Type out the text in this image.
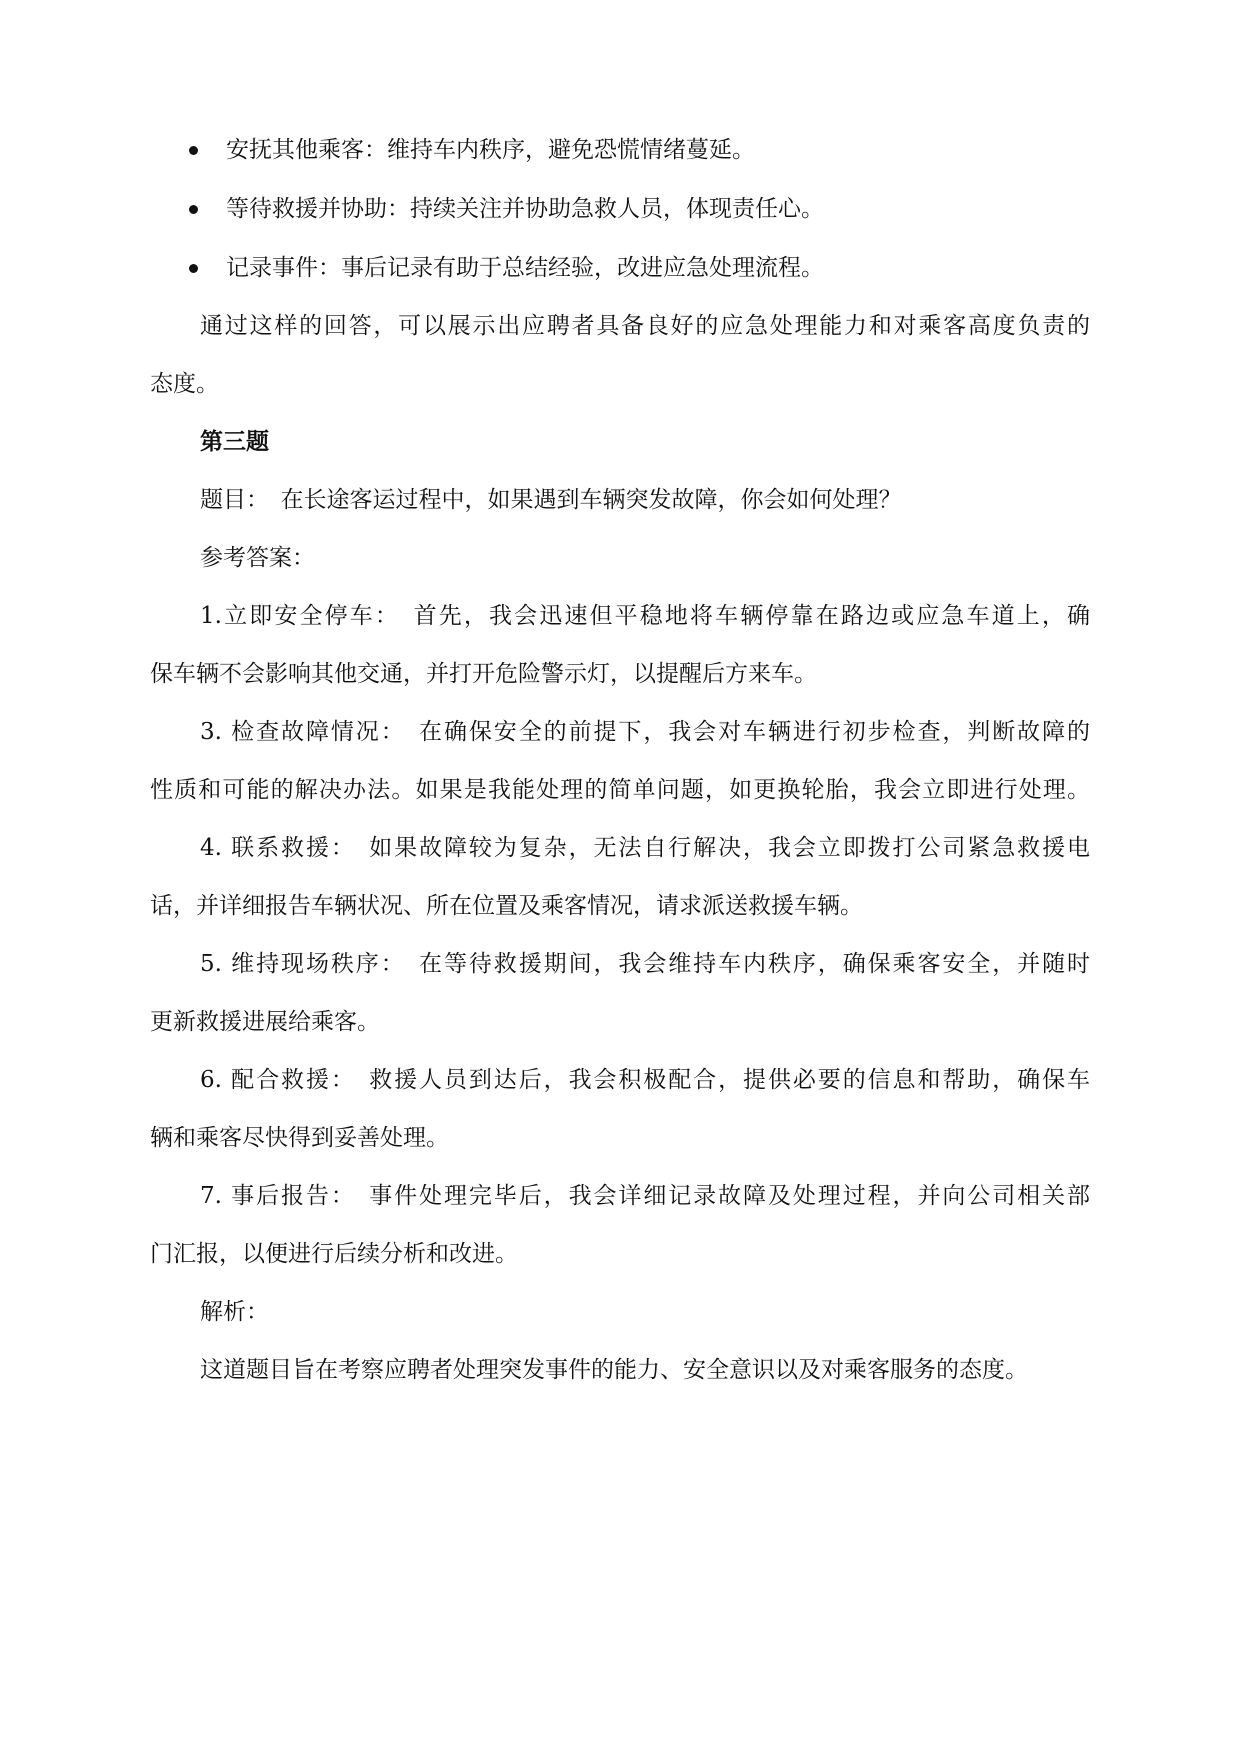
安抚其他乘客：维持车内秩序，避免恐慌情绪蔓延。
等待救援并协助：持续关注并协助急救人员，体现责任心。
记录事件：事后记录有助于总结经验，改进应急处理流程。
通过这样的回答，可以展示出应聘者具备良好的应急处理能力和对乘客高度负责的
态度。
第三题
题目：　在长途客运过程中，如果遇到车辆突发故障，你会如何处理？
参考答案：
1.立即安全停车：　首先，我会迅速但平稳地将车辆停靠在路边或应急车道上，确
保车辆不会影响其他交通，并打开危险警示灯，以提醒后方来车。
3. 检查故障情况：　在确保安全的前提下，我会对车辆进行初步检查，判断故障的
性质和可能的解决办法。如果是我能处理的简单问题，如更换轮胎，我会立即进行处理。
4. 联系救援：　如果故障较为复杂，无法自行解决，我会立即拨打公司紧急救援电
话，并详细报告车辆状况、所在位置及乘客情况，请求派送救援车辆。
5. 维持现场秩序：　在等待救援期间，我会维持车内秩序，确保乘客安全，并随时
更新救援进展给乘客。
6. 配合救援：　救援人员到达后，我会积极配合，提供必要的信息和帮助，确保车
辆和乘客尽快得到妥善处理。
7. 事后报告：　事件处理完毕后，我会详细记录故障及处理过程，并向公司相关部
门汇报，以便进行后续分析和改进。
解析：
这道题目旨在考察应聘者处理突发事件的能力、安全意识以及对乘客服务的态度。
